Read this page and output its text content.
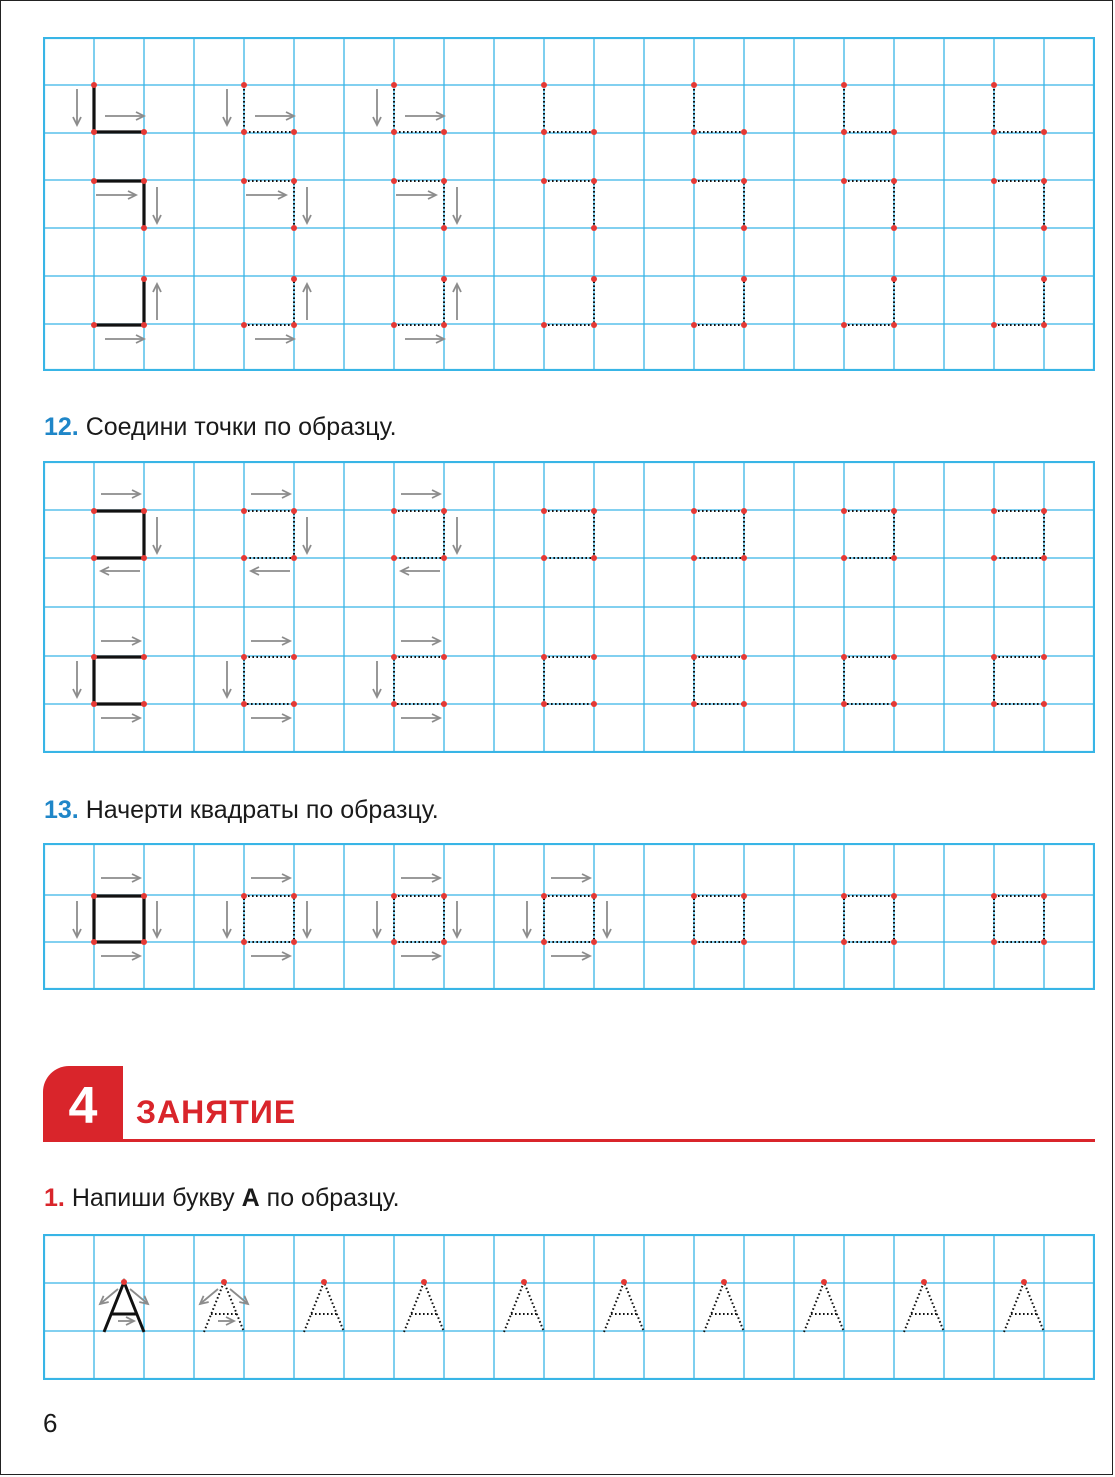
12. Соедини точки по образцу.
13. Начерти квадраты по образцу.
4	ЗАНЯТИЕ
1. Напиши букву А по образцу.
6
